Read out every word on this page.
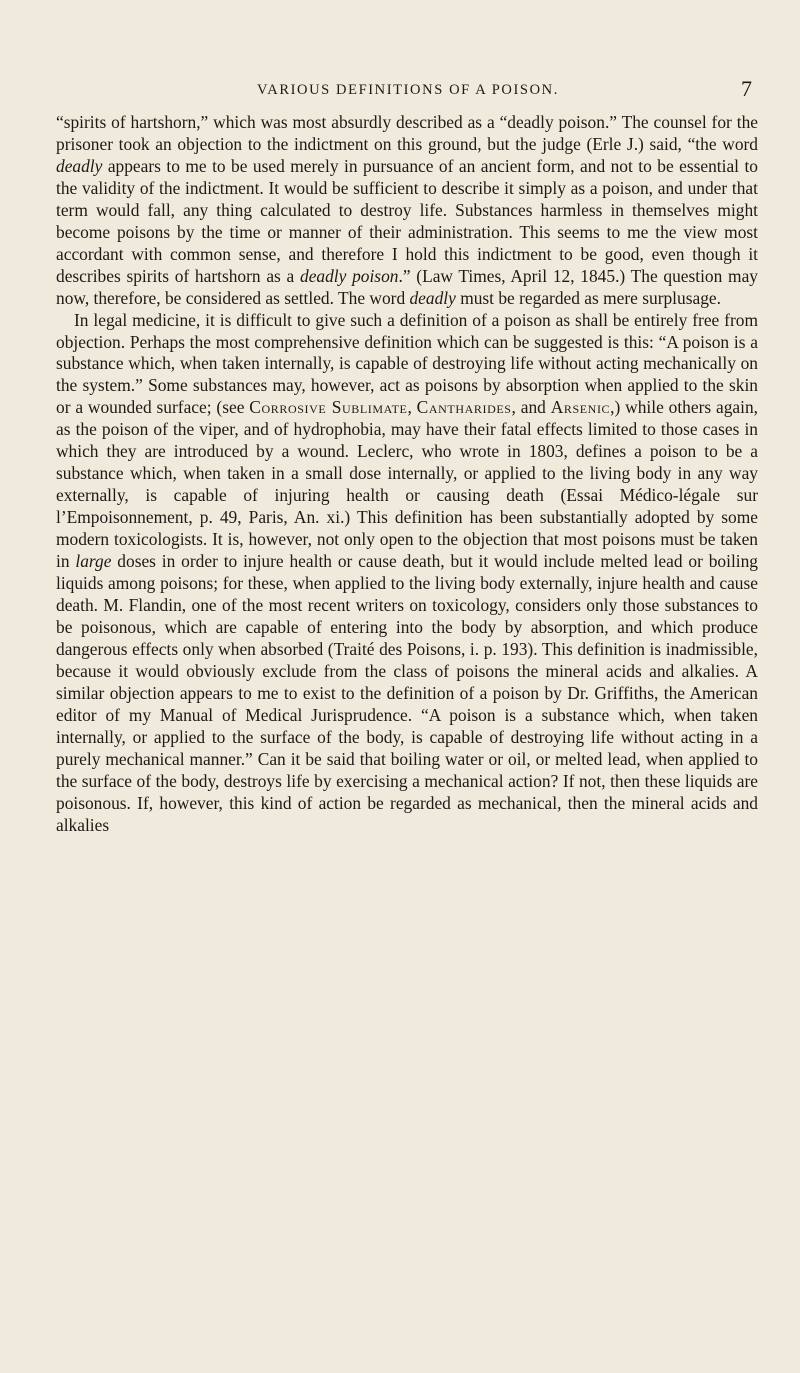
VARIOUS DEFINITIONS OF A POISON.	7

“spirits of hartshorn,” which was most absurdly described as a “deadly poison.” The counsel for the prisoner took an objection to the indictment on this ground, but the judge (Erle J.) said, “the word deadly appears to me to be used merely in pursuance of an ancient form, and not to be essential to the validity of the indictment. It would be sufficient to describe it simply as a poison, and under that term would fall, any thing calculated to destroy life. Substances harmless in themselves might become poisons by the time or manner of their administration. This seems to me the view most accordant with common sense, and therefore I hold this indictment to be good, even though it describes spirits of hartshorn as a deadly poison.” (Law Times, April 12, 1845.) The question may now, therefore, be considered as settled. The word deadly must be regarded as mere surplusage.

In legal medicine, it is difficult to give such a definition of a poison as shall be entirely free from objection. Perhaps the most comprehensive definition which can be suggested is this: “A poison is a substance which, when taken internally, is capable of destroying life without acting mechanically on the system.” Some substances may, however, act as poisons by absorption when applied to the skin or a wounded surface; (see Corrosive Sublimate, Cantharides, and Arsenic,) while others again, as the poison of the viper, and of hydrophobia, may have their fatal effects limited to those cases in which they are introduced by a wound. Leclerc, who wrote in 1803, defines a poison to be a substance which, when taken in a small dose internally, or applied to the living body in any way externally, is capable of injuring health or causing death (Essai Médico-légale sur l’Empoisonnement, p. 49, Paris, An. xi.) This definition has been substantially adopted by some modern toxicologists. It is, however, not only open to the objection that most poisons must be taken in large doses in order to injure health or cause death, but it would include melted lead or boiling liquids among poisons; for these, when applied to the living body externally, injure health and cause death. M. Flandin, one of the most recent writers on toxicology, considers only those substances to be poisonous, which are capable of entering into the body by absorption, and which produce dangerous effects only when absorbed (Traité des Poisons, i. p. 193). This definition is inadmissible, because it would obviously exclude from the class of poisons the mineral acids and alkalies. A similar objection appears to me to exist to the definition of a poison by Dr. Griffiths, the American editor of my Manual of Medical Jurisprudence. “A poison is a substance which, when taken internally, or applied to the surface of the body, is capable of destroying life without acting in a purely mechanical manner.” Can it be said that boiling water or oil, or melted lead, when applied to the surface of the body, destroys life by exercising a mechanical action? If not, then these liquids are poisonous. If, however, this kind of action be regarded as mechanical, then the mineral acids and alkalies
